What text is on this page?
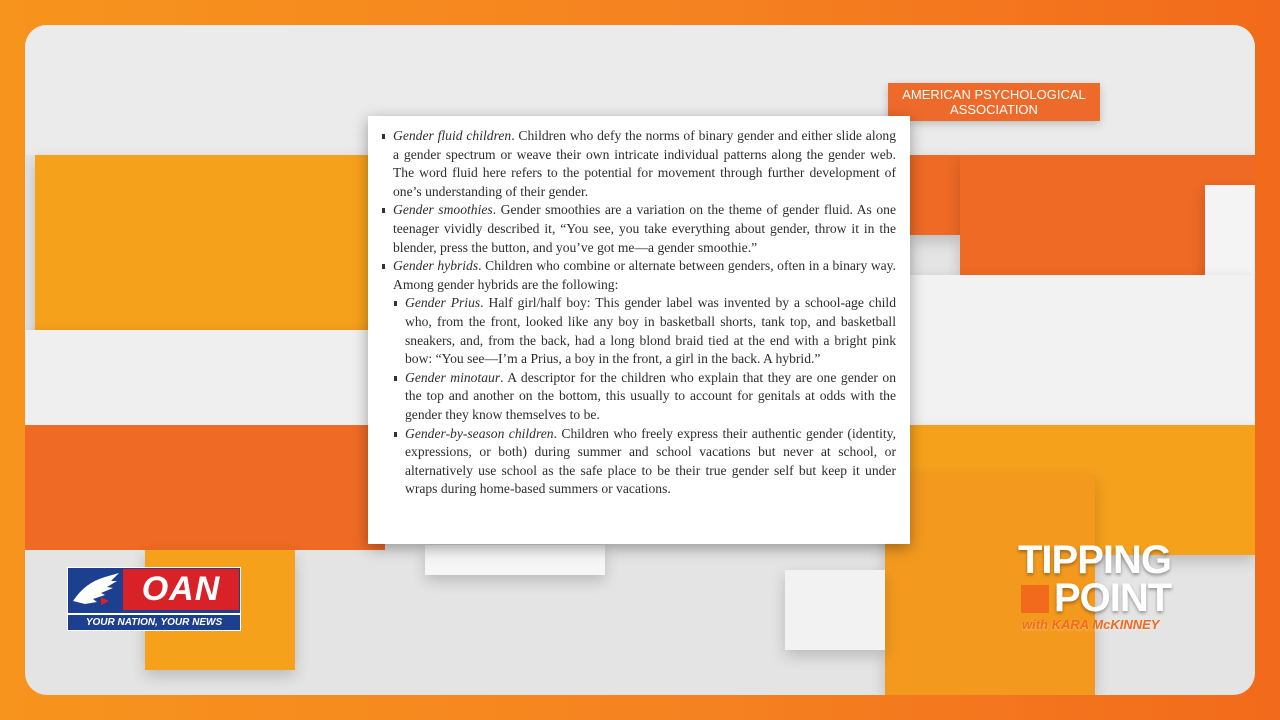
AMERICAN PSYCHOLOGICAL ASSOCIATION
Gender fluid children. Children who defy the norms of binary gender and either slide along a gender spectrum or weave their own intricate individual patterns along the gender web. The word fluid here refers to the potential for movement through further development of one’s understanding of their gender.
Gender smoothies. Gender smoothies are a variation on the theme of gender fluid. As one teenager vividly described it, “You see, you take everything about gender, throw it in the blender, press the button, and you’ve got me—a gender smoothie.”
Gender hybrids. Children who combine or alternate between genders, often in a binary way. Among gender hybrids are the following:
Gender Prius. Half girl/half boy: This gender label was invented by a school-age child who, from the front, looked like any boy in basketball shorts, tank top, and basketball sneakers, and, from the back, had a long blond braid tied at the end with a bright pink bow: “You see—I’m a Prius, a boy in the front, a girl in the back. A hybrid.”
Gender minotaur. A descriptor for the children who explain that they are one gender on the top and another on the bottom, this usually to account for genitals at odds with the gender they know themselves to be.
Gender-by-season children. Children who freely express their authentic gender (identity, expressions, or both) during summer and school vacations but never at school, or alternatively use school as the safe place to be their true gender self but keep it under wraps during home-based summers or vacations.
OAN
YOUR NATION, YOUR NEWS
TIPPING
POINT
with KARA McKINNEY
